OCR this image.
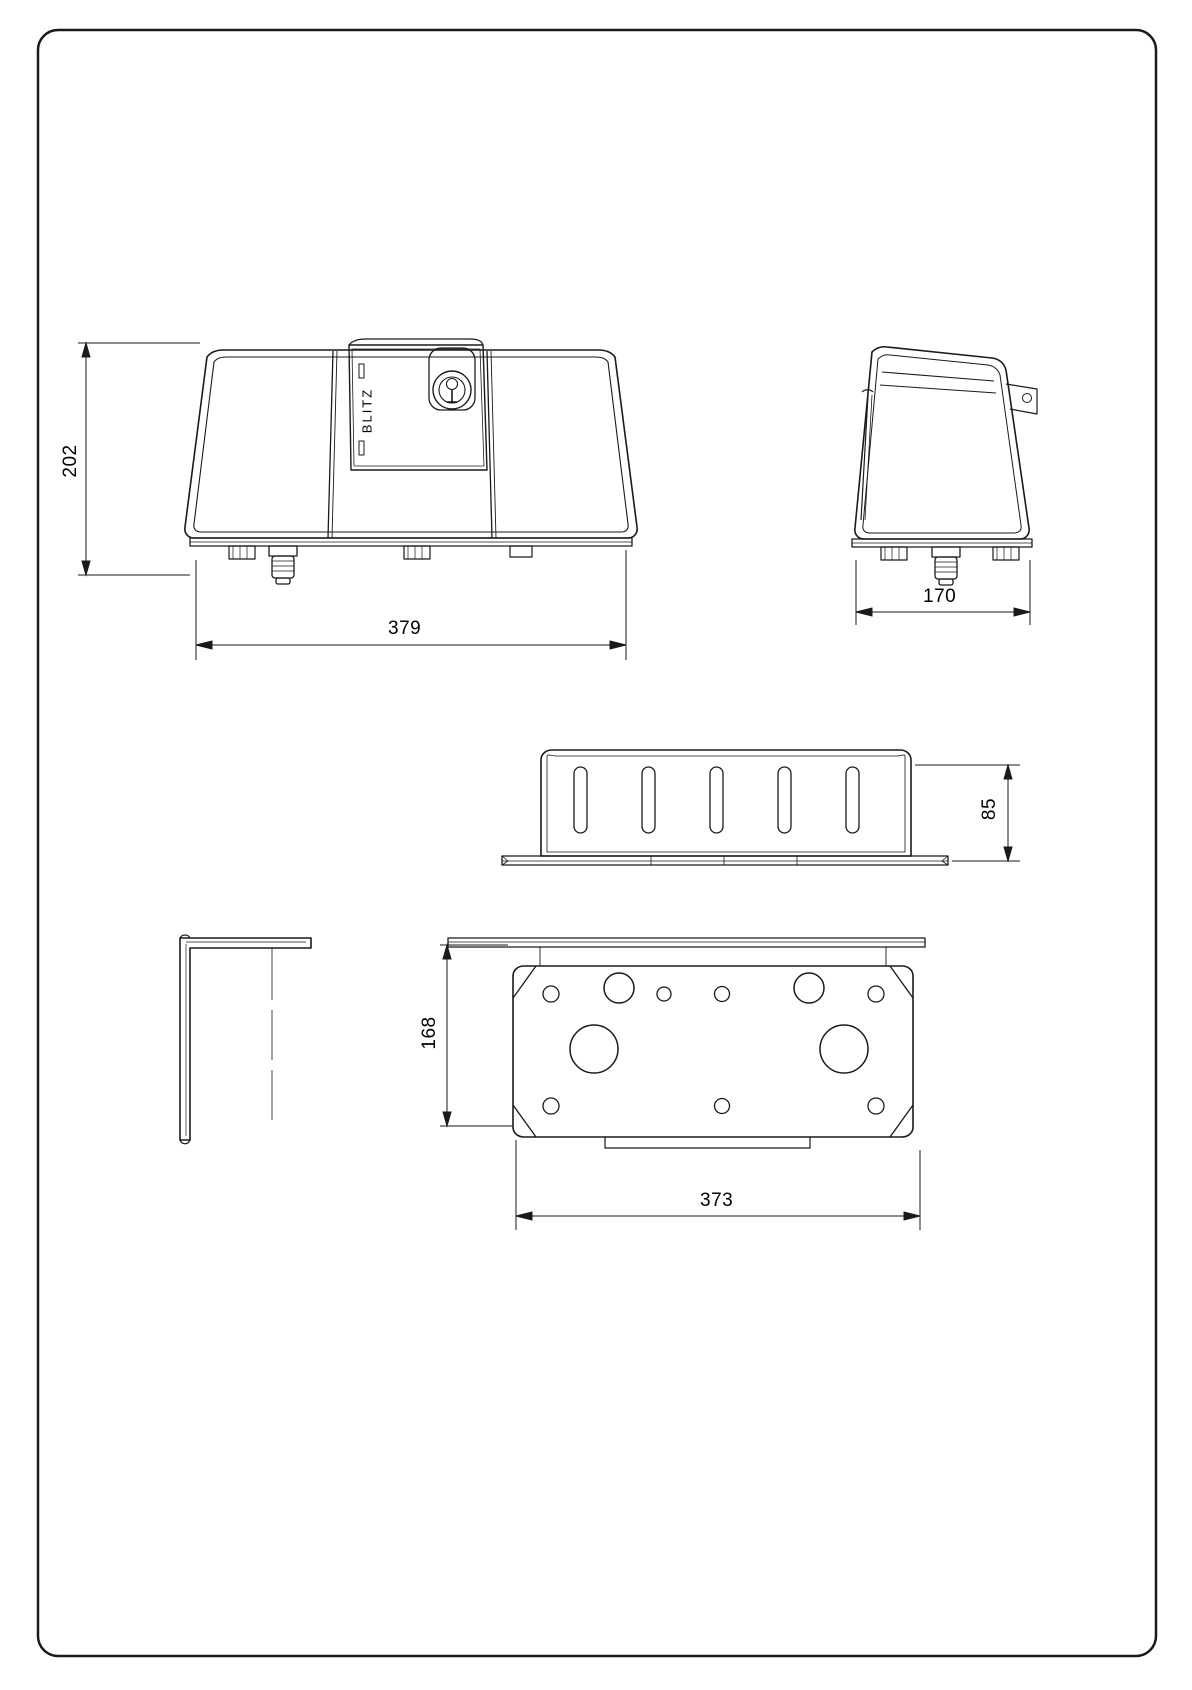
202
379
170
85
168
373
BLITZ
